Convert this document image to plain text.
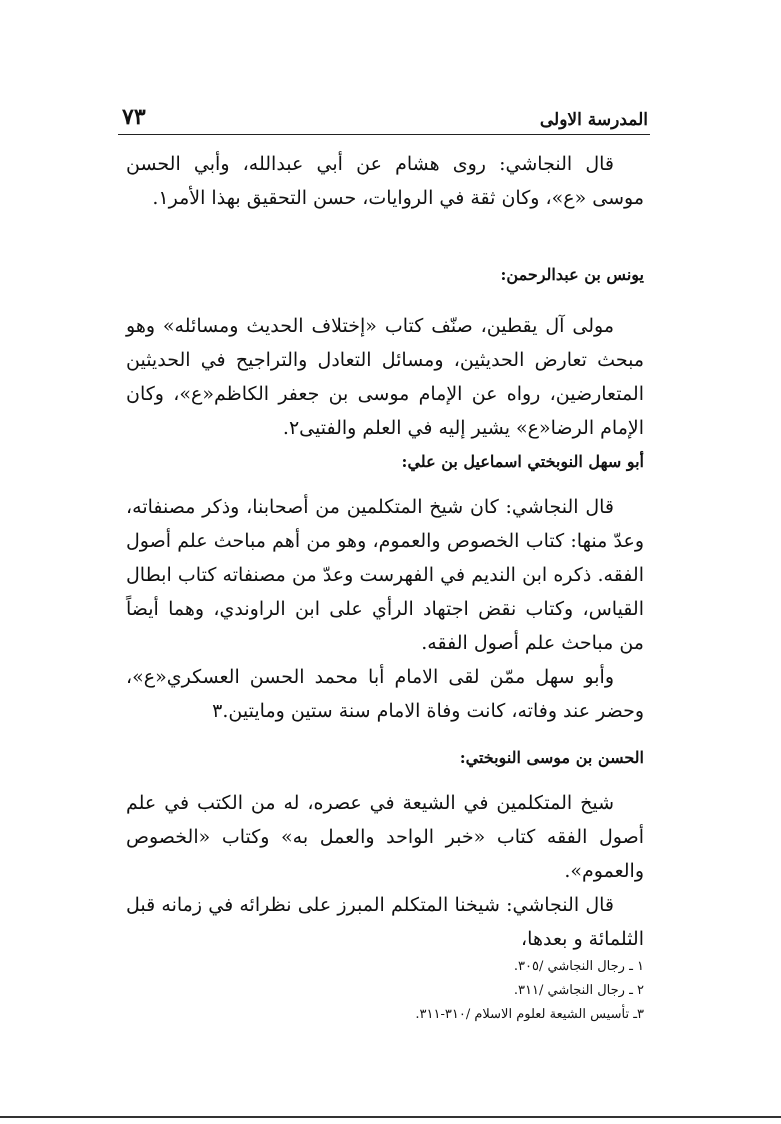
٧٣	المدرسة الاولى

قال النجاشي: روى هشام عن أبي عبدالله، وأبي الحسن موسى «ع»، وكان ثقة في الروايات، حسن التحقيق بهذا الأمر١.

يونس بن عبدالرحمن:

مولى آل يقطين، صنّف كتاب «إختلاف الحديث ومسائله» وهو مبحث تعارض الحديثين، ومسائل التعادل والتراجيح في الحديثين المتعارضين، رواه عن الإمام موسى بن جعفر الكاظم«ع»، وكان الإمام الرضا«ع» يشير إليه في العلم والفتيى٢.

أبو سهل النوبختي اسماعيل بن علي:

قال النجاشي: كان شيخ المتكلمين من أصحابنا، وذكر مصنفاته، وعدّ منها: كتاب الخصوص والعموم، وهو من أهم مباحث علم أصول الفقه. ذكره ابن النديم في الفهرست وعدّ من مصنفاته كتاب ابطال القياس، وكتاب نقض اجتهاد الرأي على ابن الراوندي، وهما أيضاً من مباحث علم أصول الفقه.

وأبو سهل ممّن لقى الامام أبا محمد الحسن العسكري«ع»، وحضر عند وفاته، كانت وفاة الامام سنة ستين ومايتين.٣

الحسن بن موسى النوبختي:

شيخ المتكلمين في الشيعة في عصره، له من الكتب في علم أصول الفقه كتاب «خبر الواحد والعمل به» وكتاب «الخصوص والعموم».

قال النجاشي: شيخنا المتكلم المبرز على نظرائه في زمانه قبل الثلمائة و بعدها،

١ ـ رجال النجاشي /٣٠٥.
٢ ـ رجال النجاشي /٣١١.
٣ـ تأسيس الشيعة لعلوم الاسلام /٣١٠-٣١١.
